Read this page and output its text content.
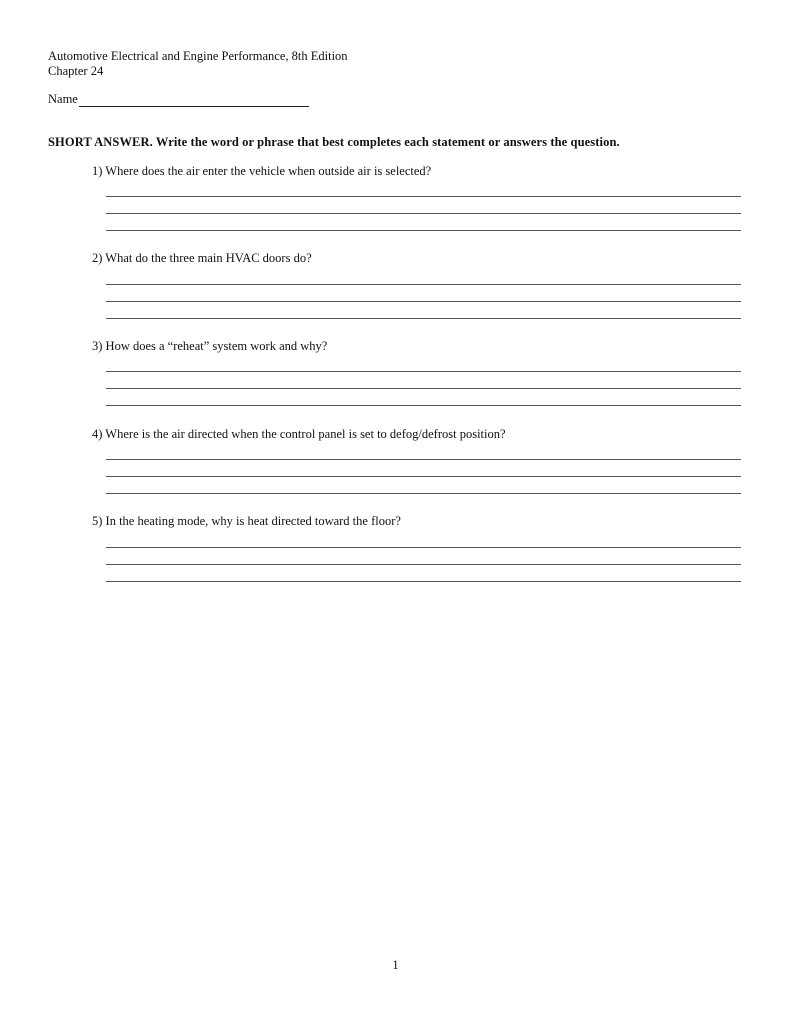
Automotive Electrical and Engine Performance, 8th Edition
Chapter 24
Name
SHORT ANSWER. Write the word or phrase that best completes each statement or answers the question.
1) Where does the air enter the vehicle when outside air is selected?
2) What do the three main HVAC doors do?
3) How does a “reheat” system work and why?
4) Where is the air directed when the control panel is set to defog/defrost position?
5) In the heating mode, why is heat directed toward the floor?
1
